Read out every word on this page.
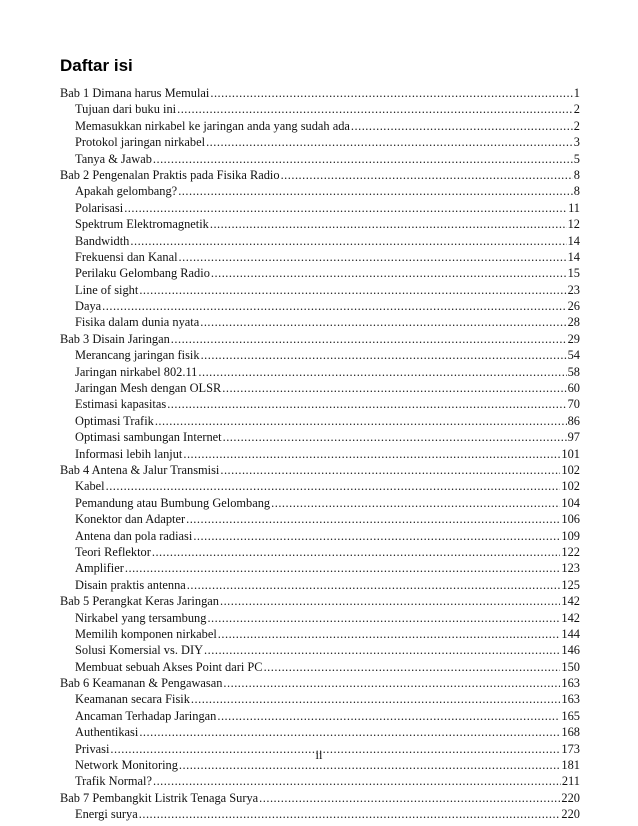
Daftar isi
Bab 1 Dimana harus Memulai .....	1
Tujuan dari buku ini .....	2
Memasukkan nirkabel ke jaringan anda yang sudah ada .....	2
Protokol jaringan nirkabel .....	3
Tanya & Jawab .....	5
Bab 2 Pengenalan Praktis pada Fisika Radio .....	8
Apakah gelombang? .....	8
Polarisasi .....	11
Spektrum Elektromagnetik .....	12
Bandwidth .....	14
Frekuensi dan Kanal .....	14
Perilaku Gelombang Radio .....	15
Line of sight .....	23
Daya .....	26
Fisika dalam dunia nyata .....	28
Bab 3 Disain Jaringan .....	29
Merancang jaringan fisik .....	54
Jaringan nirkabel 802.11 .....	58
Jaringan Mesh dengan OLSR .....	60
Estimasi kapasitas .....	70
Optimasi Trafik .....	86
Optimasi sambungan Internet .....	97
Informasi lebih lanjut .....	101
Bab 4 Antena & Jalur Transmisi .....	102
Kabel .....	102
Pemandung atau Bumbung Gelombang .....	104
Konektor dan Adapter .....	106
Antena dan pola radiasi .....	109
Teori Reflektor .....	122
Amplifier .....	123
Disain praktis antenna .....	125
Bab 5 Perangkat Keras Jaringan .....	142
Nirkabel yang tersambung .....	142
Memilih komponen nirkabel .....	144
Solusi Komersial vs. DIY .....	146
Membuat sebuah Akses Point dari PC .....	150
Bab 6 Keamanan & Pengawasan .....	163
Keamanan secara Fisik .....	163
Ancaman Terhadap Jaringan .....	165
Authentikasi .....	168
Privasi .....	173
Network Monitoring .....	181
Trafik Normal? .....	211
Bab 7 Pembangkit Listrik Tenaga Surya .....	220
Energi surya .....	220

ii
